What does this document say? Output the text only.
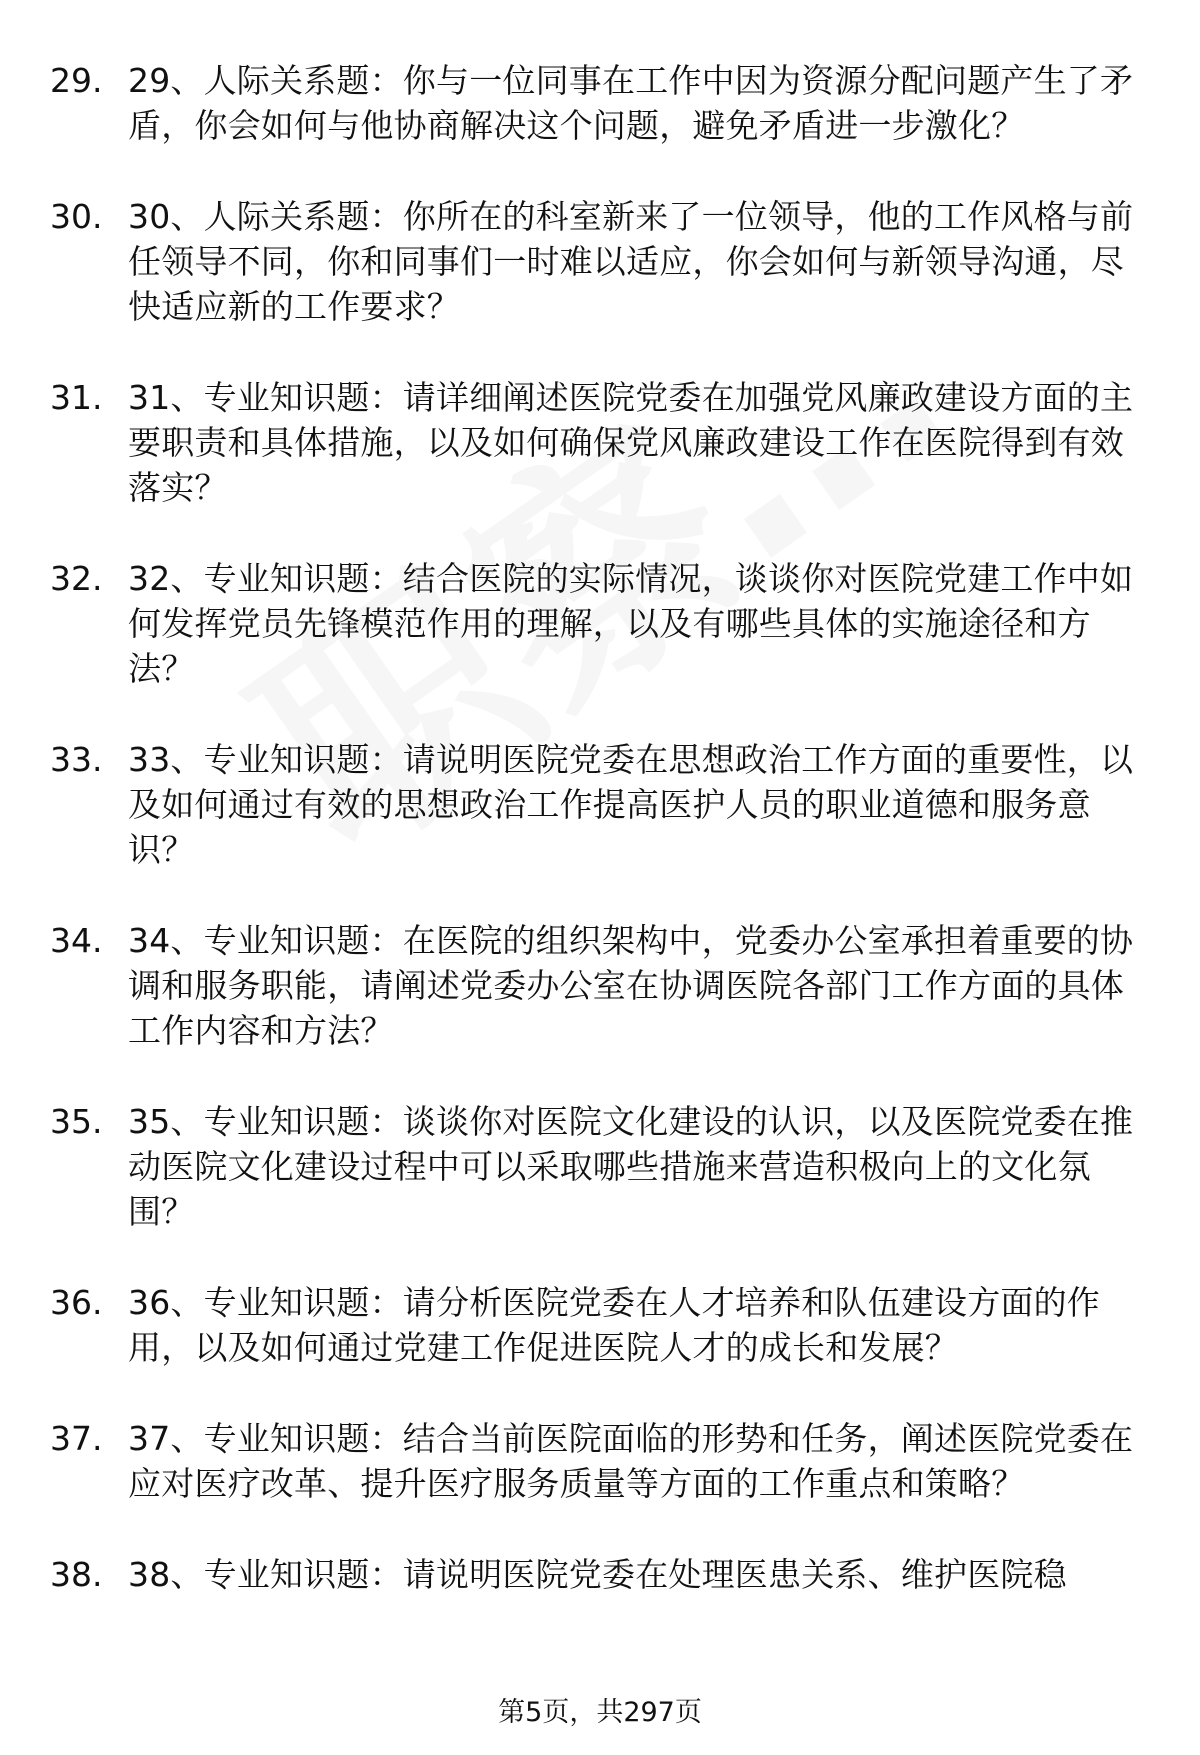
29. 29、人际关系题：你与一位同事在工作中因为资源分配问题产生了矛盾，你会如何与他协商解决这个问题，避免矛盾进一步激化？
30. 30、人际关系题：你所在的科室新来了一位领导，他的工作风格与前任领导不同，你和同事们一时难以适应，你会如何与新领导沟通，尽快适应新的工作要求？
31. 31、专业知识题：请详细阐述医院党委在加强党风廉政建设方面的主要职责和具体措施，以及如何确保党风廉政建设工作在医院得到有效落实？
32. 32、专业知识题：结合医院的实际情况，谈谈你对医院党建工作中如何发挥党员先锋模范作用的理解，以及有哪些具体的实施途径和方法？
33. 33、专业知识题：请说明医院党委在思想政治工作方面的重要性，以及如何通过有效的思想政治工作提高医护人员的职业道德和服务意识？
34. 34、专业知识题：在医院的组织架构中，党委办公室承担着重要的协调和服务职能，请阐述党委办公室在协调医院各部门工作方面的具体工作内容和方法？
35. 35、专业知识题：谈谈你对医院文化建设的认识，以及医院党委在推动医院文化建设过程中可以采取哪些措施来营造积极向上的文化氛围？
36. 36、专业知识题：请分析医院党委在人才培养和队伍建设方面的作用，以及如何通过党建工作促进医院人才的成长和发展？
37. 37、专业知识题：结合当前医院面临的形势和任务，阐述医院党委在应对医疗改革、提升医疗服务质量等方面的工作重点和策略？
38. 38、专业知识题：请说明医院党委在处理医患关系、维护医院稳
第5页，共297页
